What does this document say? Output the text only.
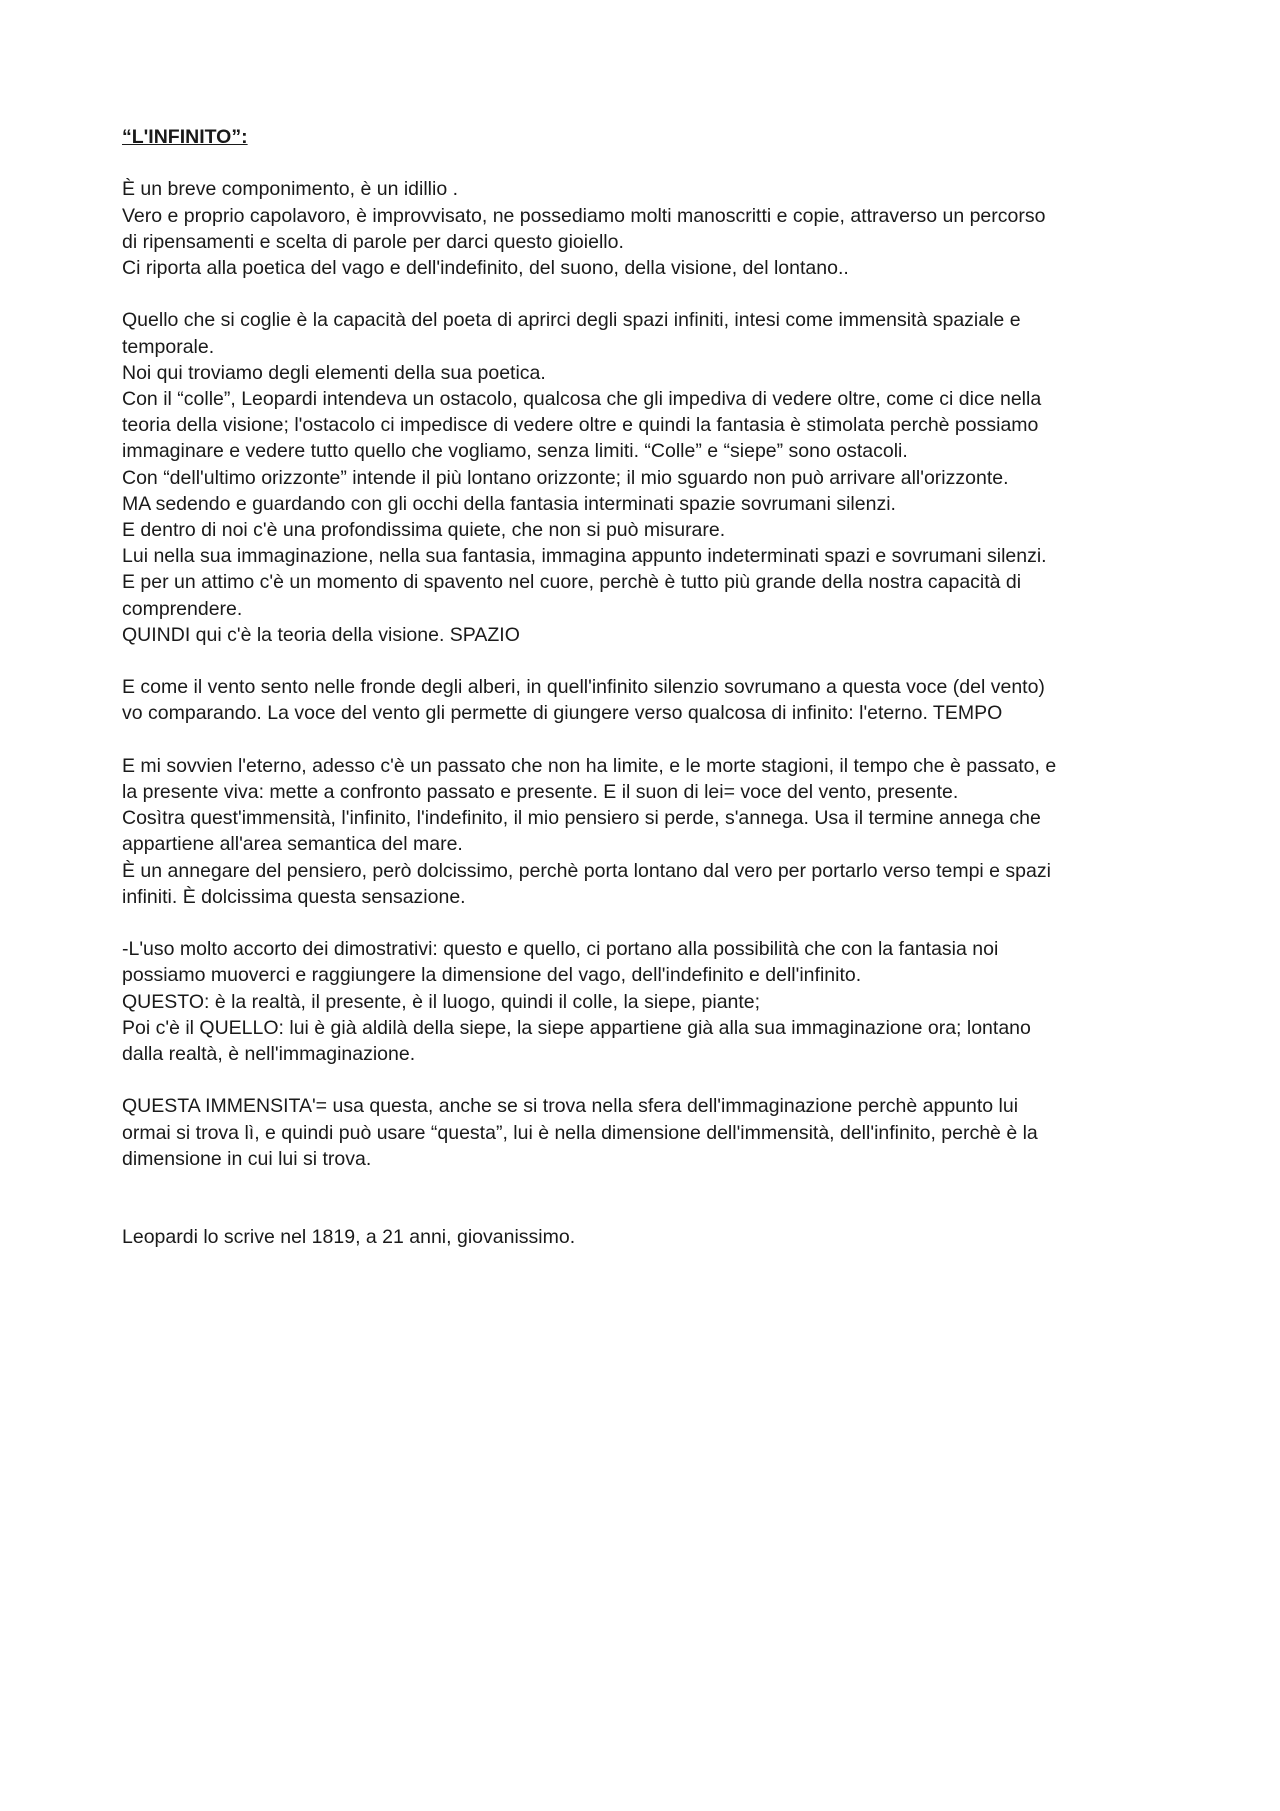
“L'INFINITO”:
È un breve componimento, è un idillio .
Vero e proprio capolavoro, è improvvisato, ne possediamo molti manoscritti e copie, attraverso un percorso
di ripensamenti e scelta di parole per darci questo gioiello.
Ci riporta alla poetica del vago e dell'indefinito, del suono, della visione, del lontano..
Quello che si coglie è la capacità del poeta di aprirci degli spazi infiniti, intesi come immensità spaziale e
temporale.
Noi qui troviamo degli elementi della sua poetica.
Con il “colle”, Leopardi intendeva un ostacolo, qualcosa che gli impediva di vedere oltre, come ci dice nella
teoria della visione; l'ostacolo ci impedisce di vedere oltre e quindi la fantasia è stimolata perchè possiamo
immaginare e vedere tutto quello che vogliamo, senza limiti. “Colle” e “siepe” sono ostacoli.
Con “dell'ultimo orizzonte” intende il più lontano orizzonte; il mio sguardo non può arrivare all'orizzonte.
MA sedendo e guardando con gli occhi della fantasia interminati spazie sovrumani silenzi.
E dentro di noi c'è una profondissima quiete, che non si può misurare.
Lui nella sua immaginazione, nella sua fantasia, immagina appunto indeterminati spazi e sovrumani silenzi.
E per un attimo c'è un momento di spavento nel cuore, perchè è tutto più grande della nostra capacità di
comprendere.
QUINDI qui c'è la teoria della visione. SPAZIO
E come il vento sento nelle fronde degli alberi, in quell'infinito silenzio sovrumano a questa voce (del vento)
vo comparando. La voce del vento gli permette di giungere verso qualcosa di infinito: l'eterno. TEMPO
E mi sovvien l'eterno, adesso c'è un passato che non ha limite, e le morte stagioni, il tempo che è passato, e
la presente viva: mette a confronto passato e presente. E il suon di lei= voce del vento, presente.
Cosìtra quest'immensità, l'infinito, l'indefinito, il mio pensiero si perde, s'annega. Usa il termine annega che
appartiene all'area semantica del mare.
È un annegare del pensiero, però dolcissimo, perchè porta lontano dal vero per portarlo verso tempi e spazi
infiniti. È dolcissima questa sensazione.
-L'uso molto accorto dei dimostrativi: questo e quello, ci portano alla possibilità che con la fantasia noi
possiamo muoverci e raggiungere la dimensione del vago, dell'indefinito e dell'infinito.
QUESTO: è la realtà, il presente, è il luogo, quindi il colle, la siepe, piante;
Poi c'è il QUELLO: lui è già aldilà della siepe, la siepe appartiene già alla sua immaginazione ora; lontano
dalla realtà, è nell'immaginazione.
QUESTA IMMENSITA'= usa questa, anche se si trova nella sfera dell'immaginazione perchè appunto lui
ormai si trova lì, e quindi può usare “questa”, lui è nella dimensione dell'immensità, dell'infinito, perchè è la
dimensione in cui lui si trova.
Leopardi lo scrive nel 1819, a 21 anni, giovanissimo.
